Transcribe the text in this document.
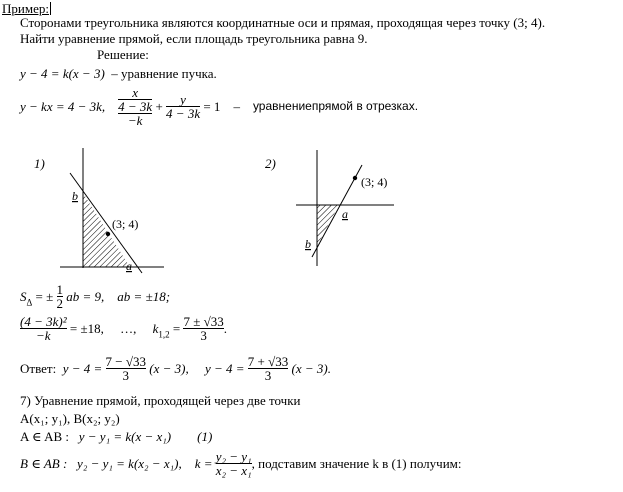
Пример:
Сторонами треугольника являются координатные оси и прямая, проходящая через точку (3; 4).
Найти уравнение прямой, если площадь треугольника равна 9.
Решение:
y − 4 = k(x − 3) – уравнение пучка.
y − kx = 4 − 3k, $\frac{x}{\frac{4 - 3k}{-k}} + \frac{y}{4 - 3k} = 1$ – уравнениепрямой в отрезках.
1)	2)
(3; 4)
b
a
(3; 4)
a
b
$S_\Delta$ = ± $\frac{1}{2}$ ab = 9, ab = ±18;
$\frac{\text{(4 − 3k)²}}{-k} = \pm 18$, …, $k_{1,2} = \frac{7 \pm √33}{3}$ .
Ответ: $y - 4 = \frac{7 - √33}{3} (x - 3)$, $y - 4 = \frac{7 + √33}{3} (x - 3)$.
7) Уравнение прямой, проходящей через две точки
A(x₁; y₁), B(x₂; y₂)
A ∈ AB : y − y₁ = k(x − x₁) (1)
B ∈ AB : y₂ − y₁ = k(x₂ − x₁), $k = \frac{\text{y₂ − y₁}}{\text{x₂ − x₁}}$ , подставим значение k в (1) получим:
